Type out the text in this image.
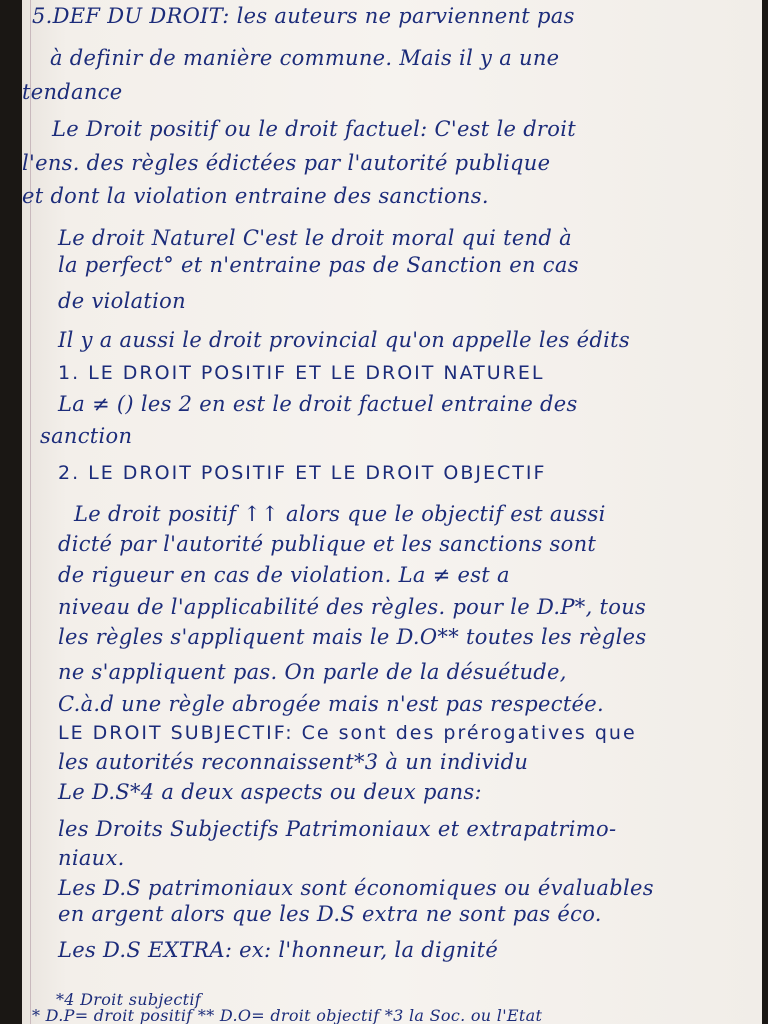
5.DEF DU DROIT: les auteurs ne parviennent pas
à definir de manière commune. Mais il y a une
tendance
Le Droit positif ou le droit factuel: C'est le droit
l'ens. des règles édictées par l'autorité publique
et dont la violation entraine des sanctions.
Le droit Naturel C'est le droit moral qui tend à
la perfect° et n'entraine pas de Sanction en cas
de violation
Il y a aussi le droit provincial qu'on appelle les édits
1. LE DROIT POSITIF ET LE DROIT NATUREL
La ≠ () les 2 en est le droit factuel entraine des
sanction
2. LE DROIT POSITIF ET LE DROIT OBJECTIF
Le droit positif ↑↑ alors que le objectif est aussi
dicté par l'autorité publique et les sanctions sont
de rigueur en cas de violation. La ≠ est a
niveau de l'applicabilité des règles. pour le D.P*, tous
les règles s'appliquent mais le D.O** toutes les règles
ne s'appliquent pas. On parle de la désuétude,
C.à.d une règle abrogée mais n'est pas respectée.
LE DROIT SUBJECTIF: Ce sont des prérogatives que
les autorités reconnaissent*3 à un individu
Le D.S*4 a deux aspects ou deux pans:
les Droits Subjectifs Patrimoniaux et extrapatrimo-
niaux.
Les D.S patrimoniaux sont économiques ou évaluables
en argent alors que les D.S extra ne sont pas éco.
Les D.S EXTRA: ex: l'honneur, la dignité
*4 Droit subjectif
* D.P= droit positif ** D.O= droit objectif *3 la Soc. ou l'Etat
